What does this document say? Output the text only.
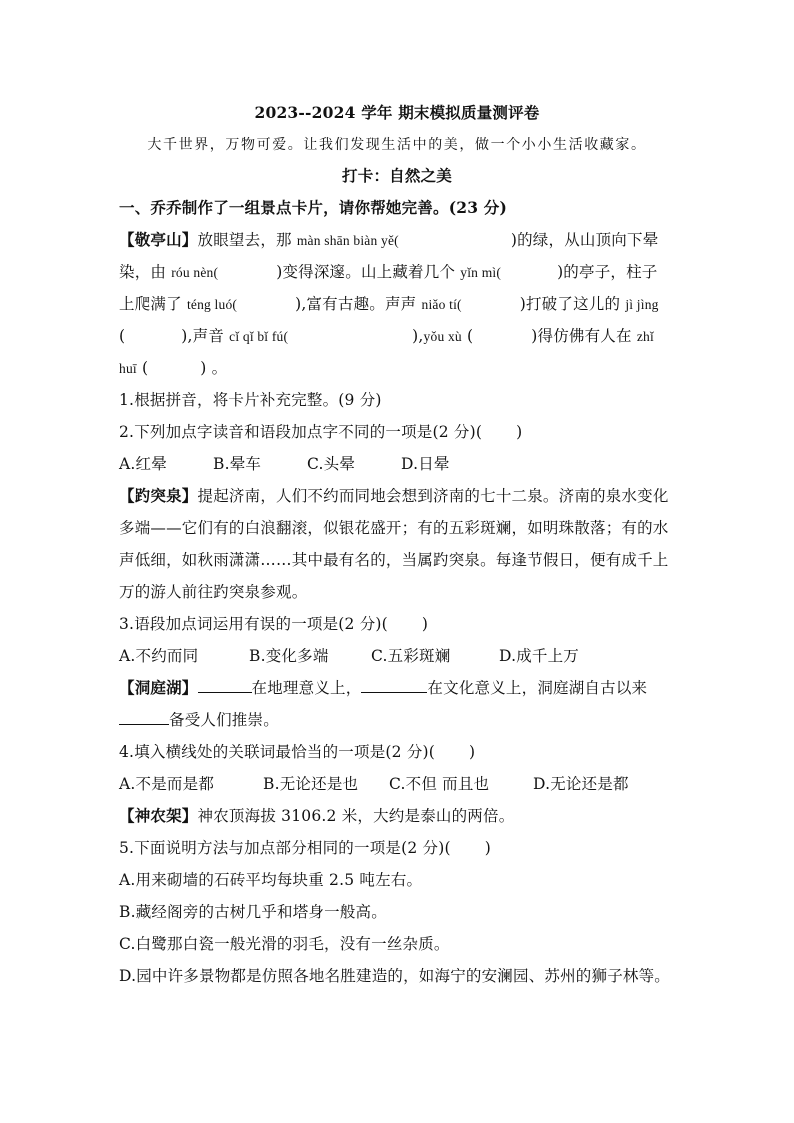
2023--2024 学年 期末模拟质量测评卷
大千世界，万物可爱。让我们发现生活中的美，做一个小小生活收藏家。
打卡：自然之美
一、乔乔制作了一组景点卡片，请你帮她完善。(23 分)
【敬亭山】放眼望去，那 màn shān biàn yě(	)的绿，从山顶向下晕
染，由 róu nèn(	)变得深邃。山上藏着几个 yǐn mì(	)的亭子，柱子
上爬满了 téng luó(	),富有古趣。声声 niǎo tí(	)打破了这儿的 jì jìng
(	),声音 cǐ qǐ bǐ fú(	),yǒu xù (	)得仿佛有人在 zhǐ
huī (	) 。
1.根据拼音，将卡片补充完整。(9 分)
2.下列加点字读音和语段加点字不同的一项是(2 分)( )
A.红晕	B.晕车	C.头晕	D.日晕
【趵突泉】提起济南，人们不约而同地会想到济南的七十二泉。济南的泉水变化
多端——它们有的白浪翻滚，似银花盛开；有的五彩斑斓，如明珠散落；有的水
声低细，如秋雨潇潇……其中最有名的，当属趵突泉。每逢节假日，便有成千上
万的游人前往趵突泉参观。
3.语段加点词运用有误的一项是(2 分)( )
A.不约而同	B.变化多端	C.五彩斑斓	D.成千上万
【洞庭湖】	在地理意义上，	在文化意义上，洞庭湖自古以来
备受人们推崇。
4.填入横线处的关联词最恰当的一项是(2 分)( )
A.不是而是都	B.无论还是也 C.不但 而且也	D.无论还是都
【神农架】神农顶海拔 3106.2 米，大约是泰山的两倍。
5.下面说明方法与加点部分相同的一项是(2 分)( )
A.用来砌墙的石砖平均每块重 2.5 吨左右。
B.藏经阁旁的古树几乎和塔身一般高。
C.白鹭那白瓷一般光滑的羽毛，没有一丝杂质。
D.园中许多景物都是仿照各地名胜建造的，如海宁的安澜园、苏州的狮子林等。
